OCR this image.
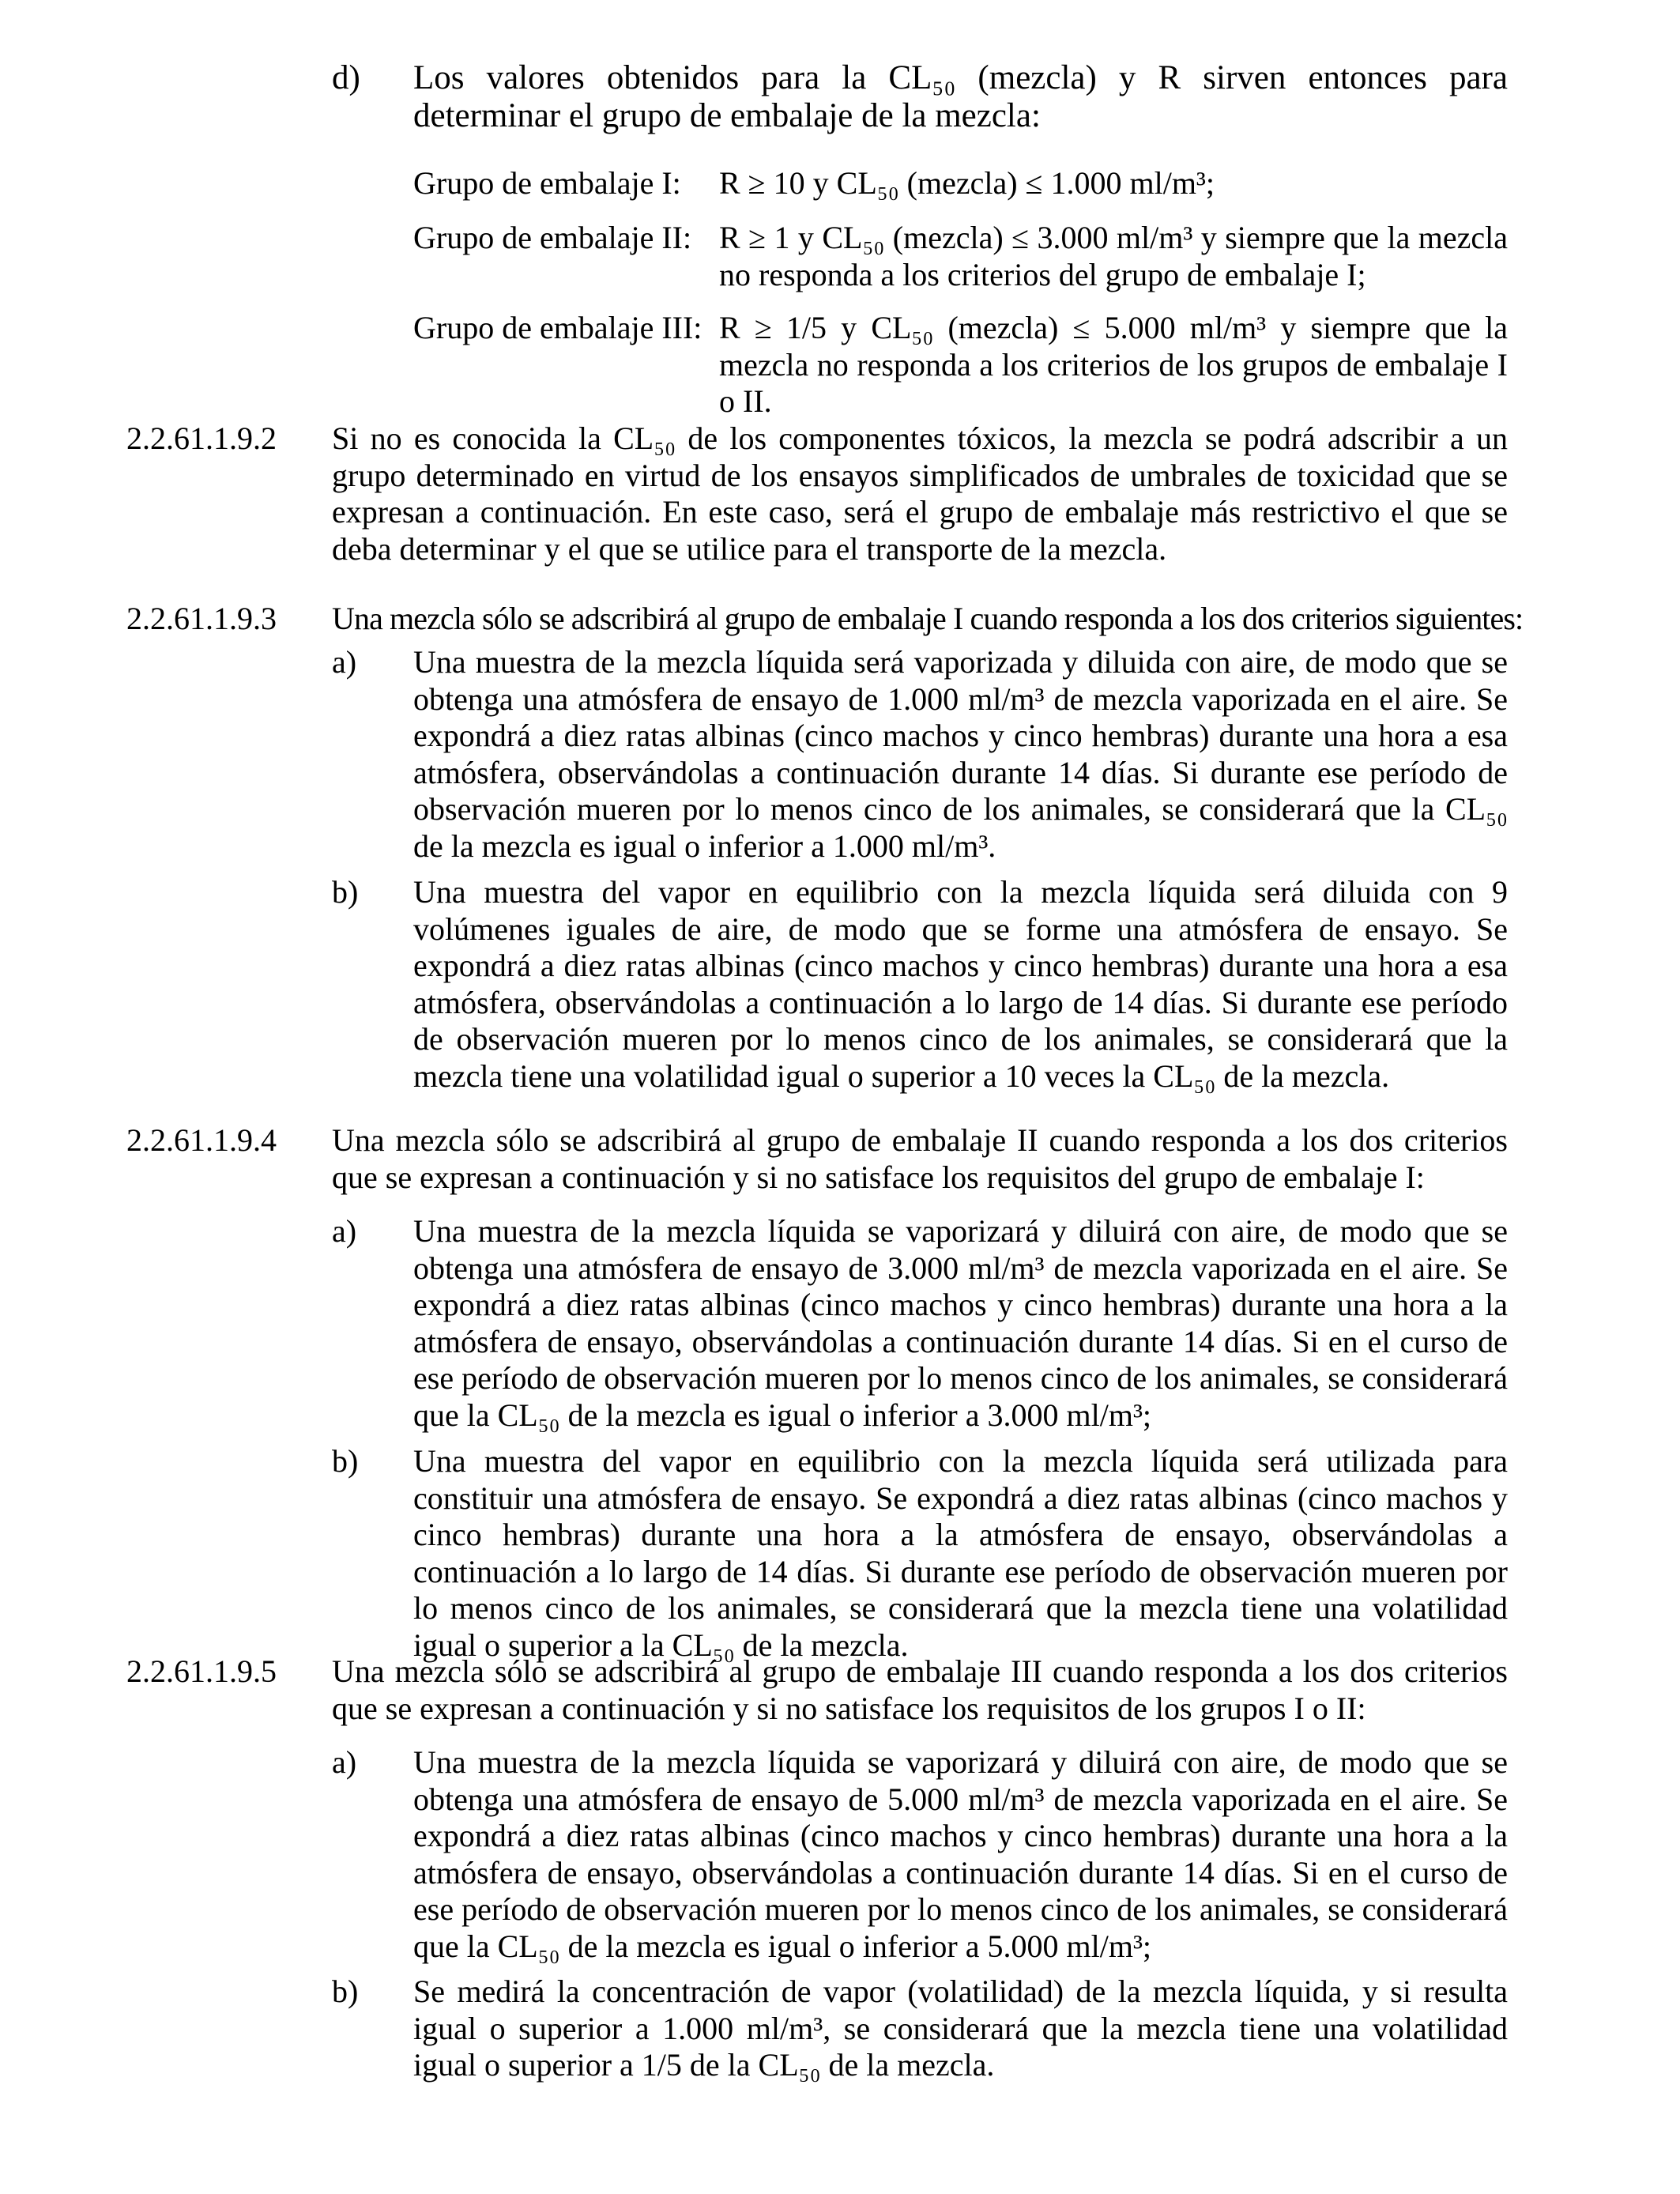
d) Los valores obtenidos para la CL₅₀ (mezcla) y R sirven entonces para determinar el grupo de embalaje de la mezcla:

Grupo de embalaje I: R ≥ 10 y CL₅₀ (mezcla) ≤ 1.000 ml/m³;

Grupo de embalaje II: R ≥ 1 y CL₅₀ (mezcla) ≤ 3.000 ml/m³ y siempre que la mezcla no responda a los criterios del grupo de embalaje I;

Grupo de embalaje III: R ≥ 1/5 y CL₅₀ (mezcla) ≤ 5.000 ml/m³ y siempre que la mezcla no responda a los criterios de los grupos de embalaje I o II.

2.2.61.1.9.2 Si no es conocida la CL₅₀ de los componentes tóxicos, la mezcla se podrá adscribir a un grupo determinado en virtud de los ensayos simplificados de umbrales de toxicidad que se expresan a continuación. En este caso, será el grupo de embalaje más restrictivo el que se deba determinar y el que se utilice para el transporte de la mezcla.

2.2.61.1.9.3 Una mezcla sólo se adscribirá al grupo de embalaje I cuando responda a los dos criterios siguientes:

a) Una muestra de la mezcla líquida será vaporizada y diluida con aire, de modo que se obtenga una atmósfera de ensayo de 1.000 ml/m³ de mezcla vaporizada en el aire. Se expondrá a diez ratas albinas (cinco machos y cinco hembras) durante una hora a esa atmósfera, observándolas a continuación durante 14 días. Si durante ese período de observación mueren por lo menos cinco de los animales, se considerará que la CL₅₀ de la mezcla es igual o inferior a 1.000 ml/m³.

b) Una muestra del vapor en equilibrio con la mezcla líquida será diluida con 9 volúmenes iguales de aire, de modo que se forme una atmósfera de ensayo. Se expondrá a diez ratas albinas (cinco machos y cinco hembras) durante una hora a esa atmósfera, observándolas a continuación a lo largo de 14 días. Si durante ese período de observación mueren por lo menos cinco de los animales, se considerará que la mezcla tiene una volatilidad igual o superior a 10 veces la CL₅₀ de la mezcla.

2.2.61.1.9.4 Una mezcla sólo se adscribirá al grupo de embalaje II cuando responda a los dos criterios que se expresan a continuación y si no satisface los requisitos del grupo de embalaje I:

a) Una muestra de la mezcla líquida se vaporizará y diluirá con aire, de modo que se obtenga una atmósfera de ensayo de 3.000 ml/m³ de mezcla vaporizada en el aire. Se expondrá a diez ratas albinas (cinco machos y cinco hembras) durante una hora a la atmósfera de ensayo, observándolas a continuación durante 14 días. Si en el curso de ese período de observación mueren por lo menos cinco de los animales, se considerará que la CL₅₀ de la mezcla es igual o inferior a 3.000 ml/m³;

b) Una muestra del vapor en equilibrio con la mezcla líquida será utilizada para constituir una atmósfera de ensayo. Se expondrá a diez ratas albinas (cinco machos y cinco hembras) durante una hora a la atmósfera de ensayo, observándolas a continuación a lo largo de 14 días. Si durante ese período de observación mueren por lo menos cinco de los animales, se considerará que la mezcla tiene una volatilidad igual o superior a la CL₅₀ de la mezcla.

2.2.61.1.9.5 Una mezcla sólo se adscribirá al grupo de embalaje III cuando responda a los dos criterios que se expresan a continuación y si no satisface los requisitos de los grupos I o II:

a) Una muestra de la mezcla líquida se vaporizará y diluirá con aire, de modo que se obtenga una atmósfera de ensayo de 5.000 ml/m³ de mezcla vaporizada en el aire. Se expondrá a diez ratas albinas (cinco machos y cinco hembras) durante una hora a la atmósfera de ensayo, observándolas a continuación durante 14 días. Si en el curso de ese período de observación mueren por lo menos cinco de los animales, se considerará que la CL₅₀ de la mezcla es igual o inferior a 5.000 ml/m³;

b) Se medirá la concentración de vapor (volatilidad) de la mezcla líquida, y si resulta igual o superior a 1.000 ml/m³, se considerará que la mezcla tiene una volatilidad igual o superior a 1/5 de la CL₅₀ de la mezcla.
